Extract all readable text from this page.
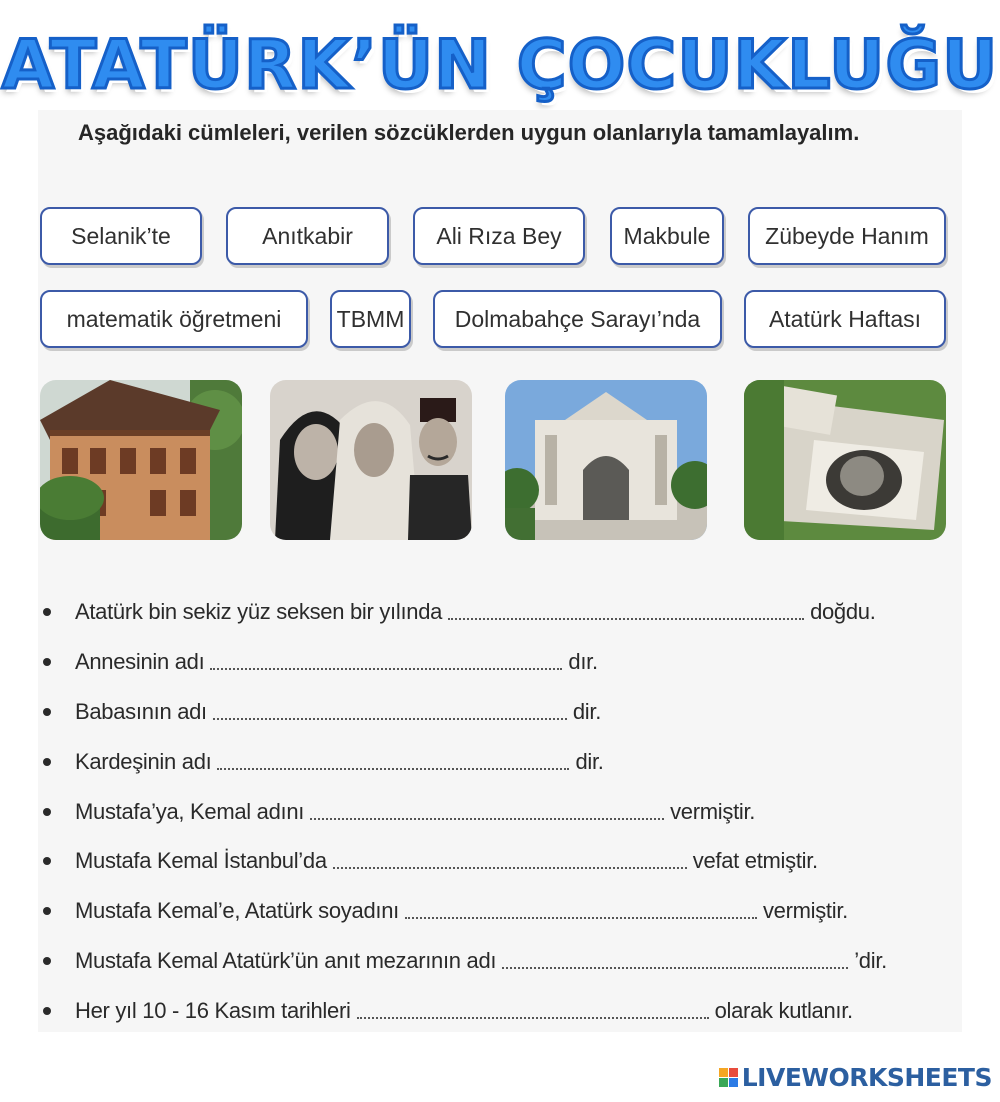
ATATÜRK’ÜN ÇOCUKLUĞU
Aşağıdaki cümleleri, verilen sözcüklerden uygun olanlarıyla tamamlayalım.
Selanik’te	Anıtkabir	Ali Rıza Bey	Makbule	Zübeyde Hanım
matematik öğretmeni	TBMM	Dolmabahçe Sarayı’nda	Atatürk Haftası
Atatürk bin sekiz yüz seksen bir yılında	doğdu.
Annesinin adı	dır.
Babasının adı	dir.
Kardeşinin adı	dir.
Mustafa’ya, Kemal adını	vermiştir.
Mustafa Kemal İstanbul’da	vefat etmiştir.
Mustafa Kemal’e, Atatürk soyadını	vermiştir.
Mustafa Kemal Atatürk’ün anıt mezarının adı	’dir.
Her yıl 10 - 16 Kasım tarihleri	olarak kutlanır.
LIVEWORKSHEETS
